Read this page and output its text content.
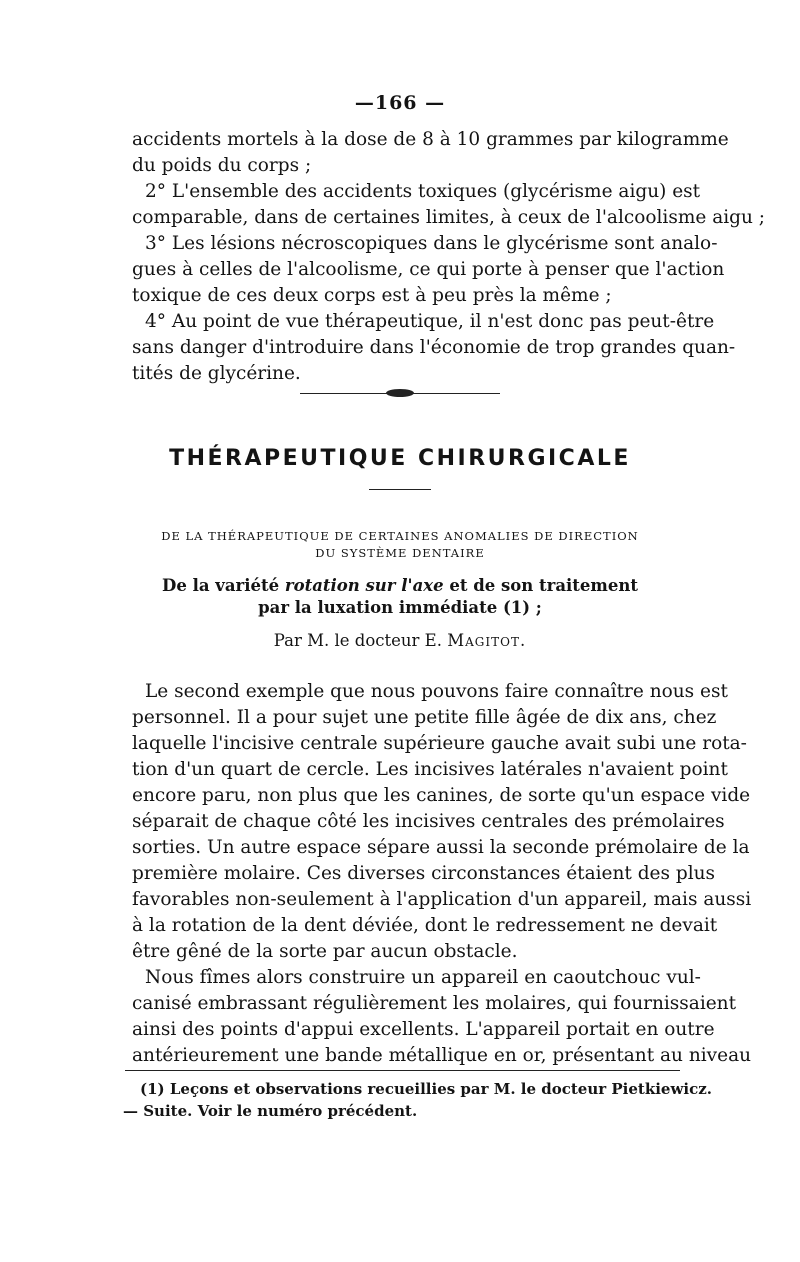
—166 —
accidents mortels à la dose de 8 à 10 grammes par kilogramme
du poids du corps ;
2° L'ensemble des accidents toxiques (glycérisme aigu) est
comparable, dans de certaines limites, à ceux de l'alcoolisme aigu ;
3° Les lésions nécroscopiques dans le glycérisme sont analo-
gues à celles de l'alcoolisme, ce qui porte à penser que l'action
toxique de ces deux corps est à peu près la même ;
4° Au point de vue thérapeutique, il n'est donc pas peut-être
sans danger d'introduire dans l'économie de trop grandes quan-
tités de glycérine.
THÉRAPEUTIQUE CHIRURGICALE
DE LA THÉRAPEUTIQUE DE CERTAINES ANOMALIES DE DIRECTION
DU SYSTÈME DENTAIRE
De la variété rotation sur l'axe et de son traitement
par la luxation immédiate (1) ;
Par M. le docteur E. Magitot.
Le second exemple que nous pouvons faire connaître nous est
personnel. Il a pour sujet une petite fille âgée de dix ans, chez
laquelle l'incisive centrale supérieure gauche avait subi une rota-
tion d'un quart de cercle. Les incisives latérales n'avaient point
encore paru, non plus que les canines, de sorte qu'un espace vide
séparait de chaque côté les incisives centrales des prémolaires
sorties. Un autre espace sépare aussi la seconde prémolaire de la
première molaire. Ces diverses circonstances étaient des plus
favorables non-seulement à l'application d'un appareil, mais aussi
à la rotation de la dent déviée, dont le redressement ne devait
être gêné de la sorte par aucun obstacle.
Nous fîmes alors construire un appareil en caoutchouc vul-
canisé embrassant régulièrement les molaires, qui fournissaient
ainsi des points d'appui excellents. L'appareil portait en outre
antérieurement une bande métallique en or, présentant au niveau
(1) Leçons et observations recueillies par M. le docteur Pietkiewicz.
— Suite. Voir le numéro précédent.
